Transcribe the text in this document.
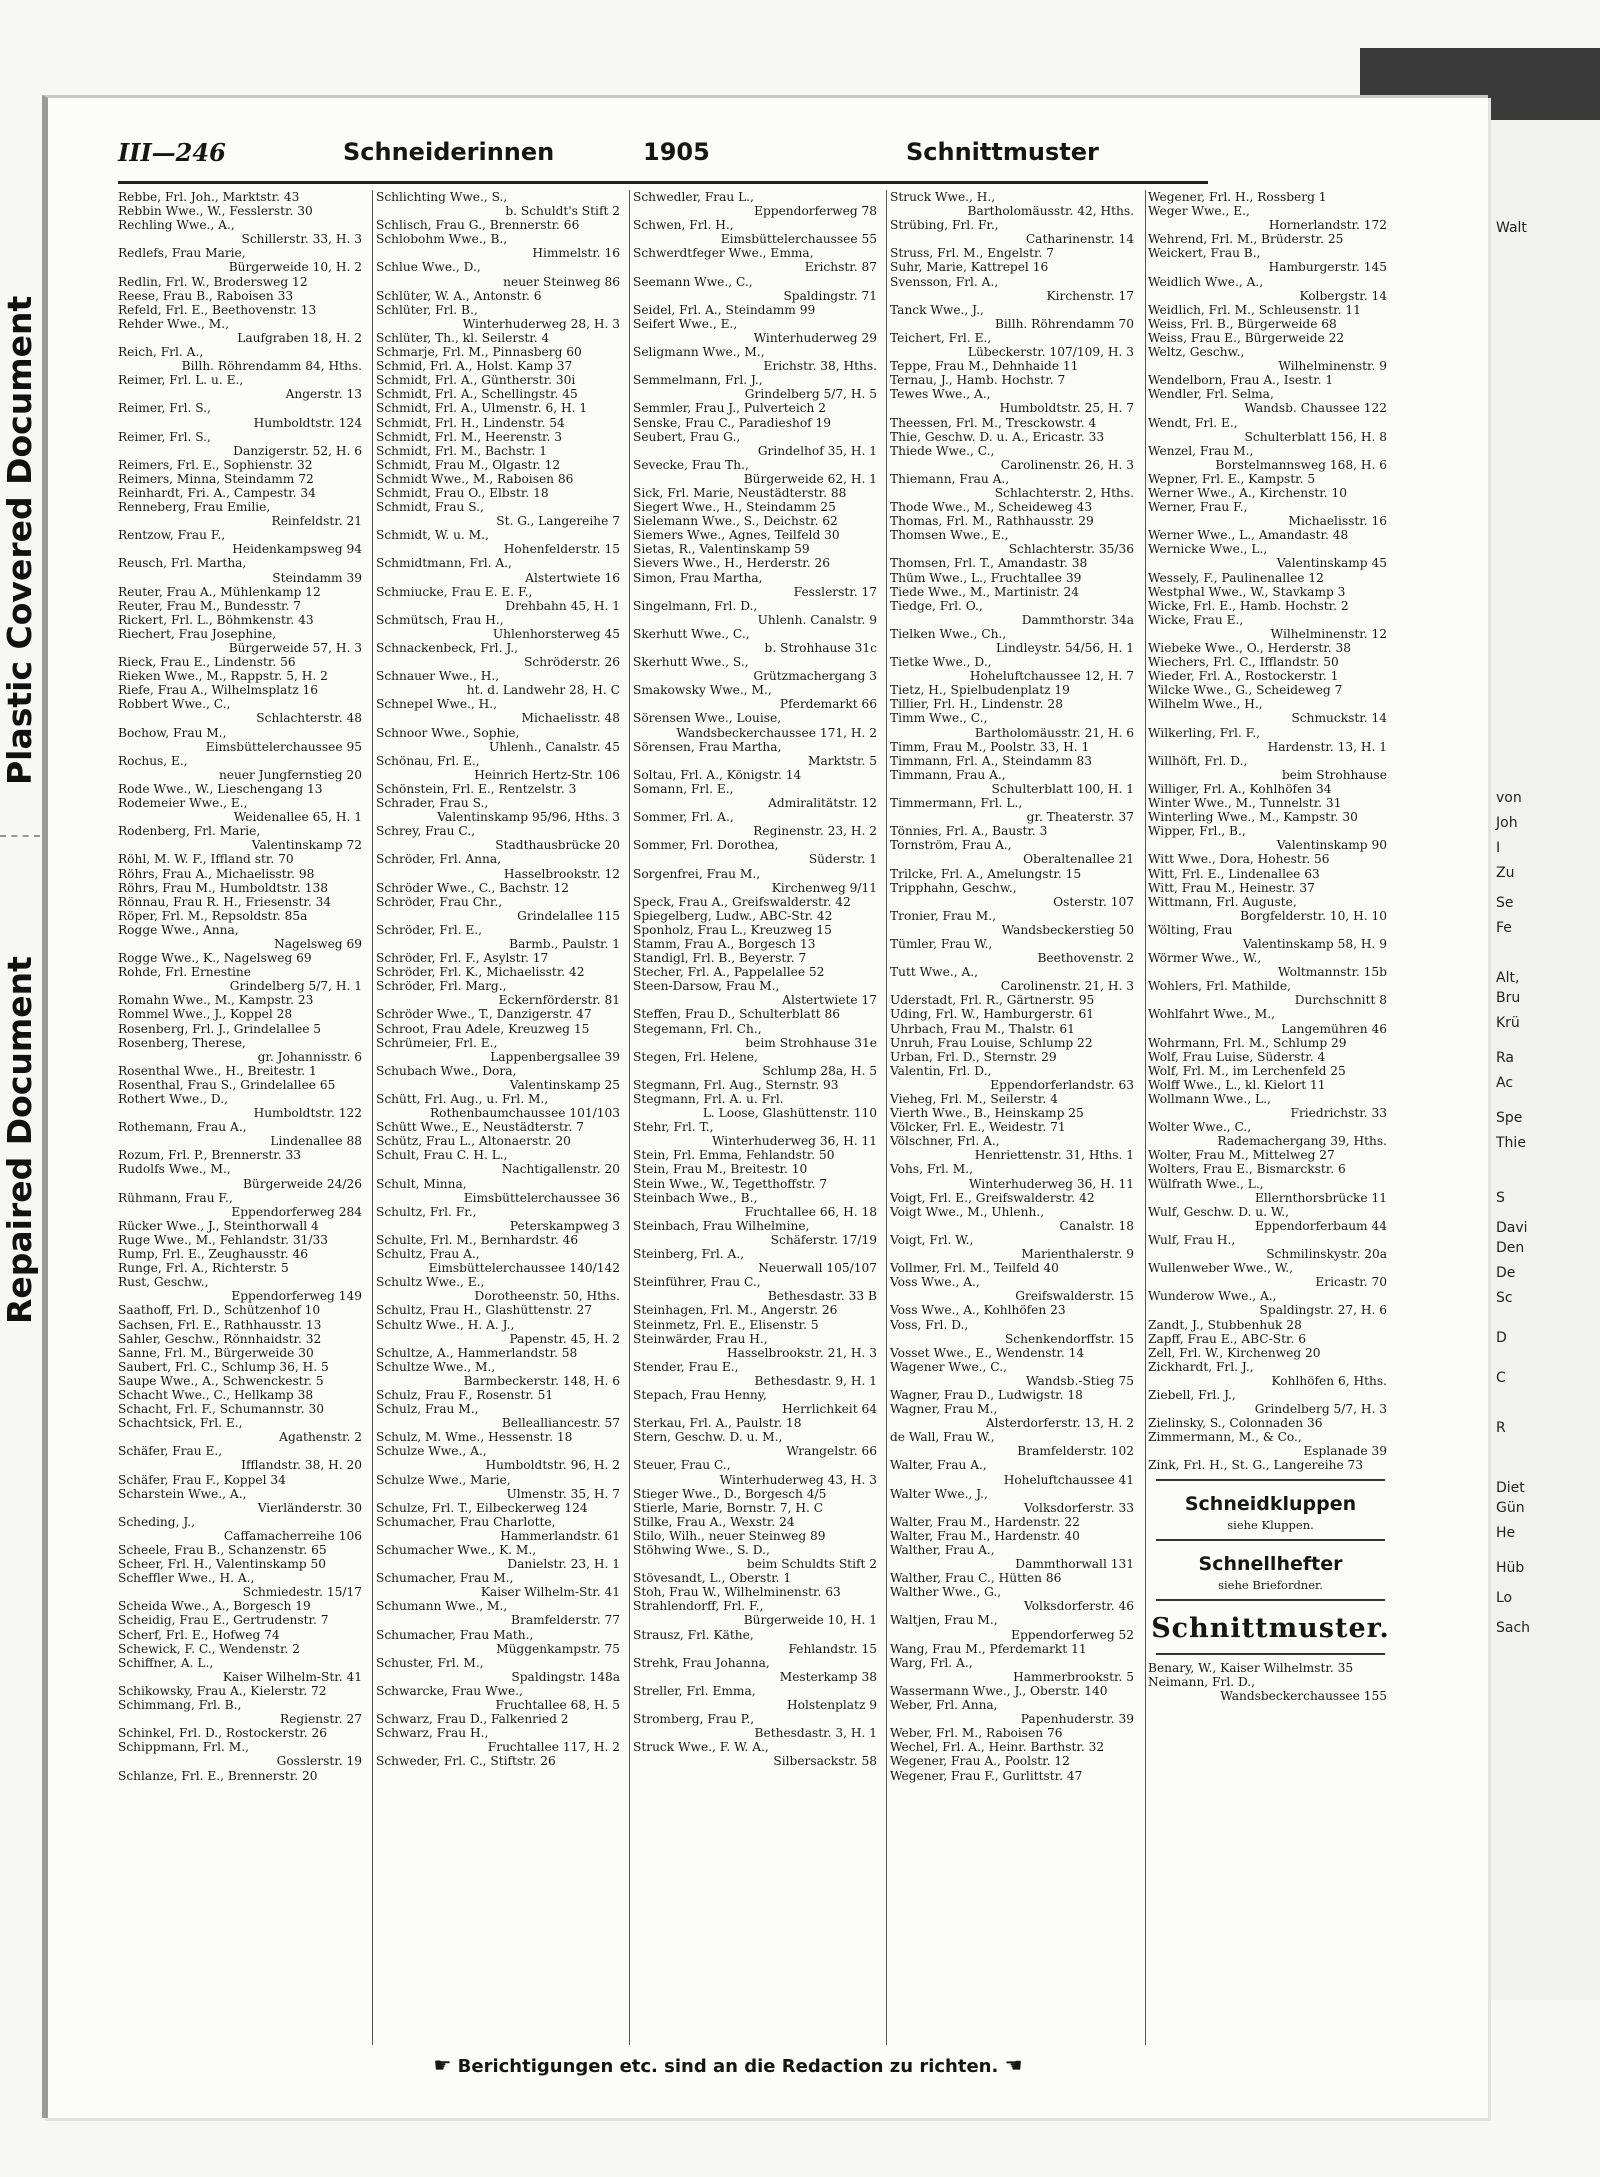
Plastic Covered Document
Repaired Document
Walt
von
Joh
I
Zu
Se
Fe
Alt,
Bru
Krü
Ra
Ac
Spe
Thie
S
Davi
Den
De
Sc
D
C
R
Diet
Gün
He
Hüb
Lo
Sach
III—246	Schneiderinnen	1905	Schnittmuster
Rebbe, Frl. Joh., Marktstr. 43
Rebbin Wwe., W., Fesslerstr. 30
Rechling Wwe., A.,
Schillerstr. 33, H. 3
Redlefs, Frau Marie,
Bürgerweide 10, H. 2
Redlin, Frl. W., Brodersweg 12
Reese, Frau B., Raboisen 33
Refeld, Frl. E., Beethovenstr. 13
Rehder Wwe., M.,
Laufgraben 18, H. 2
Reich, Frl. A.,
Billh. Röhrendamm 84, Hths.
Reimer, Frl. L. u. E.,
Angerstr. 13
Reimer, Frl. S.,
Humboldtstr. 124
Reimer, Frl. S.,
Danzigerstr. 52, H. 6
Reimers, Frl. E., Sophienstr. 32
Reimers, Minna, Steindamm 72
Reinhardt, Fri. A., Campestr. 34
Renneberg, Frau Emilie,
Reinfeldstr. 21
Rentzow, Frau F.,
Heidenkampsweg 94
Reusch, Frl. Martha,
Steindamm 39
Reuter, Frau A., Mühlenkamp 12
Reuter, Frau M., Bundesstr. 7
Rickert, Frl. L., Böhmkenstr. 43
Riechert, Frau Josephine,
Bürgerweide 57, H. 3
Rieck, Frau E., Lindenstr. 56
Rieken Wwe., M., Rappstr. 5, H. 2
Riefe, Frau A., Wilhelmsplatz 16
Robbert Wwe., C.,
Schlachterstr. 48
Bochow, Frau M.,
Eimsbüttelerchaussee 95
Rochus, E.,
neuer Jungfernstieg 20
Rode Wwe., W., Lieschengang 13
Rodemeier Wwe., E.,
Weidenallee 65, H. 1
Rodenberg, Frl. Marie,
Valentinskamp 72
Röhl, M. W. F., Iffland str. 70
Röhrs, Frau A., Michaelisstr. 98
Röhrs, Frau M., Humboldtstr. 138
Rönnau, Frau R. H., Friesenstr. 34
Röper, Frl. M., Repsoldstr. 85a
Rogge Wwe., Anna,
Nagelsweg 69
Rogge Wwe., K., Nagelsweg 69
Rohde, Frl. Ernestine
Grindelberg 5/7, H. 1
Romahn Wwe., M., Kampstr. 23
Rommel Wwe., J., Koppel 28
Rosenberg, Frl. J., Grindelallee 5
Rosenberg, Therese,
gr. Johannisstr. 6
Rosenthal Wwe., H., Breitestr. 1
Rosenthal, Frau S., Grindelallee 65
Rothert Wwe., D.,
Humboldtstr. 122
Rothemann, Frau A.,
Lindenallee 88
Rozum, Frl. P., Brennerstr. 33
Rudolfs Wwe., M.,
Bürgerweide 24/26
Rühmann, Frau F.,
Eppendorferweg 284
Rücker Wwe., J., Steinthorwall 4
Ruge Wwe., M., Fehlandstr. 31/33
Rump, Frl. E., Zeughausstr. 46
Runge, Frl. A., Richterstr. 5
Rust, Geschw.,
Eppendorferweg 149
Saathoff, Frl. D., Schützenhof 10
Sachsen, Frl. E., Rathhausstr. 13
Sahler, Geschw., Rönnhaidstr. 32
Sanne, Frl. M., Bürgerweide 30
Saubert, Frl. C., Schlump 36, H. 5
Saupe Wwe., A., Schwenckestr. 5
Schacht Wwe., C., Hellkamp 38
Schacht, Frl. F., Schumannstr. 30
Schachtsick, Frl. E.,
Agathenstr. 2
Schäfer, Frau E.,
Ifflandstr. 38, H. 20
Schäfer, Frau F., Koppel 34
Scharstein Wwe., A.,
Vierländerstr. 30
Scheding, J.,
Caffamacherreihe 106
Scheele, Frau B., Schanzenstr. 65
Scheer, Frl. H., Valentinskamp 50
Scheffler Wwe., H. A.,
Schmiedestr. 15/17
Scheida Wwe., A., Borgesch 19
Scheidig, Frau E., Gertrudenstr. 7
Scherf, Frl. E., Hofweg 74
Schewick, F. C., Wendenstr. 2
Schiffner, A. L.,
Kaiser Wilhelm-Str. 41
Schikowsky, Frau A., Kielerstr. 72
Schimmang, Frl. B.,
Regienstr. 27
Schinkel, Frl. D., Rostockerstr. 26
Schippmann, Frl. M.,
Gosslerstr. 19
Schlanze, Frl. E., Brennerstr. 20
Schlichting Wwe., S.,
b. Schuldt's Stift 2
Schlisch, Frau G., Brennerstr. 66
Schlobohm Wwe., B.,
Himmelstr. 16
Schlue Wwe., D.,
neuer Steinweg 86
Schlüter, W. A., Antonstr. 6
Schlüter, Frl. B.,
Winterhuderweg 28, H. 3
Schlüter, Th., kl. Seilerstr. 4
Schmarje, Frl. M., Pinnasberg 60
Schmid, Frl. A., Holst. Kamp 37
Schmidt, Frl. A., Güntherstr. 30i
Schmidt, Frl. A., Schellingstr. 45
Schmidt, Frl. A., Ulmenstr. 6, H. 1
Schmidt, Frl. H., Lindenstr. 54
Schmidt, Frl. M., Heerenstr. 3
Schmidt, Frl. M., Bachstr. 1
Schmidt, Frau M., Olgastr. 12
Schmidt Wwe., M., Raboisen 86
Schmidt, Frau O., Elbstr. 18
Schmidt, Frau S.,
St. G., Langereihe 7
Schmidt, W. u. M.,
Hohenfelderstr. 15
Schmidtmann, Frl. A.,
Alstertwiete 16
Schmiucke, Frau E. E. F.,
Drehbahn 45, H. 1
Schmütsch, Frau H.,
Uhlenhorsterweg 45
Schnackenbeck, Frl. J.,
Schröderstr. 26
Schnauer Wwe., H.,
ht. d. Landwehr 28, H. C
Schnepel Wwe., H.,
Michaelisstr. 48
Schnoor Wwe., Sophie,
Uhlenh., Canalstr. 45
Schönau, Frl. E.,
Heinrich Hertz-Str. 106
Schönstein, Frl. E., Rentzelstr. 3
Schrader, Frau S.,
Valentinskamp 95/96, Hths. 3
Schrey, Frau C.,
Stadthausbrücke 20
Schröder, Frl. Anna,
Hasselbrookstr. 12
Schröder Wwe., C., Bachstr. 12
Schröder, Frau Chr.,
Grindelallee 115
Schröder, Frl. E.,
Barmb., Paulstr. 1
Schröder, Frl. F., Asylstr. 17
Schröder, Frl. K., Michaelisstr. 42
Schröder, Frl. Marg.,
Eckernförderstr. 81
Schröder Wwe., T., Danzigerstr. 47
Schroot, Frau Adele, Kreuzweg 15
Schrümeier, Frl. E.,
Lappenbergsallee 39
Schubach Wwe., Dora,
Valentinskamp 25
Schütt, Frl. Aug., u. Frl. M.,
Rothenbaumchaussee 101/103
Schütt Wwe., E., Neustädterstr. 7
Schütz, Frau L., Altonaerstr. 20
Schult, Frau C. H. L.,
Nachtigallenstr. 20
Schult, Minna,
Eimsbüttelerchaussee 36
Schultz, Frl. Fr.,
Peterskampweg 3
Schulte, Frl. M., Bernhardstr. 46
Schultz, Frau A.,
Eimsbüttelerchaussee 140/142
Schultz Wwe., E.,
Dorotheenstr. 50, Hths.
Schultz, Frau H., Glashüttenstr. 27
Schultz Wwe., H. A. J.,
Papenstr. 45, H. 2
Schultze, A., Hammerlandstr. 58
Schultze Wwe., M.,
Barmbeckerstr. 148, H. 6
Schulz, Frau F., Rosenstr. 51
Schulz, Frau M.,
Bellealliancestr. 57
Schulz, M. Wme., Hessenstr. 18
Schulze Wwe., A.,
Humboldtstr. 96, H. 2
Schulze Wwe., Marie,
Ulmenstr. 35, H. 7
Schulze, Frl. T., Eilbeckerweg 124
Schumacher, Frau Charlotte,
Hammerlandstr. 61
Schumacher Wwe., K. M.,
Danielstr. 23, H. 1
Schumacher, Frau M.,
Kaiser Wilhelm-Str. 41
Schumann Wwe., M.,
Bramfelderstr. 77
Schumacher, Frau Math.,
Müggenkampstr. 75
Schuster, Frl. M.,
Spaldingstr. 148a
Schwarcke, Frau Wwe.,
Fruchtallee 68, H. 5
Schwarz, Frau D., Falkenried 2
Schwarz, Frau H.,
Fruchtallee 117, H. 2
Schweder, Frl. C., Stiftstr. 26
Schwedler, Frau L.,
Eppendorferweg 78
Schwen, Frl. H.,
Eimsbüttelerchaussee 55
Schwerdtfeger Wwe., Emma,
Erichstr. 87
Seemann Wwe., C.,
Spaldingstr. 71
Seidel, Frl. A., Steindamm 99
Seifert Wwe., E.,
Winterhuderweg 29
Seligmann Wwe., M.,
Erichstr. 38, Hths.
Semmelmann, Frl. J.,
Grindelberg 5/7, H. 5
Semmler, Frau J., Pulverteich 2
Senske, Frau C., Paradieshof 19
Seubert, Frau G.,
Grindelhof 35, H. 1
Sevecke, Frau Th.,
Bürgerweide 62, H. 1
Sick, Frl. Marie, Neustädterstr. 88
Siegert Wwe., H., Steindamm 25
Sielemann Wwe., S., Deichstr. 62
Siemers Wwe., Agnes, Teilfeld 30
Sietas, R., Valentinskamp 59
Sievers Wwe., H., Herderstr. 26
Simon, Frau Martha,
Fesslerstr. 17
Singelmann, Frl. D.,
Uhlenh. Canalstr. 9
Skerhutt Wwe., C.,
b. Strohhause 31c
Skerhutt Wwe., S.,
Grützmachergang 3
Smakowsky Wwe., M.,
Pferdemarkt 66
Sörensen Wwe., Louise,
Wandsbeckerchaussee 171, H. 2
Sörensen, Frau Martha,
Marktstr. 5
Soltau, Frl. A., Königstr. 14
Somann, Frl. E.,
Admiralitätstr. 12
Sommer, Frl. A.,
Reginenstr. 23, H. 2
Sommer, Frl. Dorothea,
Süderstr. 1
Sorgenfrei, Frau M.,
Kirchenweg 9/11
Speck, Frau A., Greifswalderstr. 42
Spiegelberg, Ludw., ABC-Str. 42
Sponholz, Frau L., Kreuzweg 15
Stamm, Frau A., Borgesch 13
Standigl, Frl. B., Beyerstr. 7
Stecher, Frl. A., Pappelallee 52
Steen-Darsow, Frau M.,
Alstertwiete 17
Steffen, Frau D., Schulterblatt 86
Stegemann, Frl. Ch.,
beim Strohhause 31e
Stegen, Frl. Helene,
Schlump 28a, H. 5
Stegmann, Frl. Aug., Sternstr. 93
Stegmann, Frl. A. u. Frl.
L. Loose, Glashüttenstr. 110
Stehr, Frl. T.,
Winterhuderweg 36, H. 11
Stein, Frl. Emma, Fehlandstr. 50
Stein, Frau M., Breitestr. 10
Stein Wwe., W., Tegetthoffstr. 7
Steinbach Wwe., B.,
Fruchtallee 66, H. 18
Steinbach, Frau Wilhelmine,
Schäferstr. 17/19
Steinberg, Frl. A.,
Neuerwall 105/107
Steinführer, Frau C.,
Bethesdastr. 33 B
Steinhagen, Frl. M., Angerstr. 26
Steinmetz, Frl. E., Elisenstr. 5
Steinwärder, Frau H.,
Hasselbrookstr. 21, H. 3
Stender, Frau E.,
Bethesdastr. 9, H. 1
Stepach, Frau Henny,
Herrlichkeit 64
Sterkau, Frl. A., Paulstr. 18
Stern, Geschw. D. u. M.,
Wrangelstr. 66
Steuer, Frau C.,
Winterhuderweg 43, H. 3
Stieger Wwe., D., Borgesch 4/5
Stierle, Marie, Bornstr. 7, H. C
Stilke, Frau A., Wexstr. 24
Stilo, Wilh., neuer Steinweg 89
Stöhwing Wwe., S. D.,
beim Schuldts Stift 2
Stövesandt, L., Oberstr. 1
Stoh, Frau W., Wilhelminenstr. 63
Strahlendorff, Frl. F.,
Bürgerweide 10, H. 1
Strausz, Frl. Käthe,
Fehlandstr. 15
Strehk, Frau Johanna,
Mesterkamp 38
Streller, Frl. Emma,
Holstenplatz 9
Stromberg, Frau P.,
Bethesdastr. 3, H. 1
Struck Wwe., F. W. A.,
Silbersackstr. 58
Struck Wwe., H.,
Bartholomäusstr. 42, Hths.
Strübing, Frl. Fr.,
Catharinenstr. 14
Struss, Frl. M., Engelstr. 7
Suhr, Marie, Kattrepel 16
Svensson, Frl. A.,
Kirchenstr. 17
Tanck Wwe., J.,
Billh. Röhrendamm 70
Teichert, Frl. E.,
Lübeckerstr. 107/109, H. 3
Teppe, Frau M., Dehnhaide 11
Ternau, J., Hamb. Hochstr. 7
Tewes Wwe., A.,
Humboldtstr. 25, H. 7
Theessen, Frl. M., Tresckowstr. 4
Thie, Geschw. D. u. A., Ericastr. 33
Thiede Wwe., C.,
Carolinenstr. 26, H. 3
Thiemann, Frau A.,
Schlachterstr. 2, Hths.
Thode Wwe., M., Scheideweg 43
Thomas, Frl. M., Rathhausstr. 29
Thomsen Wwe., E.,
Schlachterstr. 35/36
Thomsen, Frl. T., Amandastr. 38
Thüm Wwe., L., Fruchtallee 39
Tiede Wwe., M., Martinistr. 24
Tiedge, Frl. O.,
Dammthorstr. 34a
Tielken Wwe., Ch.,
Lindleystr. 54/56, H. 1
Tietke Wwe., D.,
Hoheluftchaussee 12, H. 7
Tietz, H., Spielbudenplatz 19
Tillier, Frl. H., Lindenstr. 28
Timm Wwe., C.,
Bartholomäusstr. 21, H. 6
Timm, Frau M., Poolstr. 33, H. 1
Timmann, Frl. A., Steindamm 83
Timmann, Frau A.,
Schulterblatt 100, H. 1
Timmermann, Frl. L.,
gr. Theaterstr. 37
Tönnies, Frl. A., Baustr. 3
Tornström, Frau A.,
Oberaltenallee 21
Trilcke, Frl. A., Amelungstr. 15
Tripphahn, Geschw.,
Osterstr. 107
Tronier, Frau M.,
Wandsbeckerstieg 50
Tümler, Frau W.,
Beethovenstr. 2
Tutt Wwe., A.,
Carolinenstr. 21, H. 3
Uderstadt, Frl. R., Gärtnerstr. 95
Uding, Frl. W., Hamburgerstr. 61
Uhrbach, Frau M., Thalstr. 61
Unruh, Frau Louise, Schlump 22
Urban, Frl. D., Sternstr. 29
Valentin, Frl. D.,
Eppendorferlandstr. 63
Vieheg, Frl. M., Seilerstr. 4
Vierth Wwe., B., Heinskamp 25
Völcker, Frl. E., Weidestr. 71
Völschner, Frl. A.,
Henriettenstr. 31, Hths. 1
Vohs, Frl. M.,
Winterhuderweg 36, H. 11
Voigt, Frl. E., Greifswalderstr. 42
Voigt Wwe., M., Uhlenh.,
Canalstr. 18
Voigt, Frl. W.,
Marienthalerstr. 9
Vollmer, Frl. M., Teilfeld 40
Voss Wwe., A.,
Greifswalderstr. 15
Voss Wwe., A., Kohlhöfen 23
Voss, Frl. D.,
Schenkendorffstr. 15
Vosset Wwe., E., Wendenstr. 14
Wagener Wwe., C.,
Wandsb.-Stieg 75
Wagner, Frau D., Ludwigstr. 18
Wagner, Frau M.,
Alsterdorferstr. 13, H. 2
de Wall, Frau W.,
Bramfelderstr. 102
Walter, Frau A.,
Hoheluftchaussee 41
Walter Wwe., J.,
Volksdorferstr. 33
Walter, Frau M., Hardenstr. 22
Walter, Frau M., Hardenstr. 40
Walther, Frau A.,
Dammthorwall 131
Walther, Frau C., Hütten 86
Walther Wwe., G.,
Volksdorferstr. 46
Waltjen, Frau M.,
Eppendorferweg 52
Wang, Frau M., Pferdemarkt 11
Warg, Frl. A.,
Hammerbrookstr. 5
Wassermann Wwe., J., Oberstr. 140
Weber, Frl. Anna,
Papenhuderstr. 39
Weber, Frl. M., Raboisen 76
Wechel, Frl. A., Heinr. Barthstr. 32
Wegener, Frau A., Poolstr. 12
Wegener, Frau F., Gurlittstr. 47
Wegener, Frl. H., Rossberg 1
Weger Wwe., E.,
Hornerlandstr. 172
Wehrend, Frl. M., Brüderstr. 25
Weickert, Frau B.,
Hamburgerstr. 145
Weidlich Wwe., A.,
Kolbergstr. 14
Weidlich, Frl. M., Schleusenstr. 11
Weiss, Frl. B., Bürgerweide 68
Weiss, Frau E., Bürgerweide 22
Weltz, Geschw.,
Wilhelminenstr. 9
Wendelborn, Frau A., Isestr. 1
Wendler, Frl. Selma,
Wandsb. Chaussee 122
Wendt, Frl. E.,
Schulterblatt 156, H. 8
Wenzel, Frau M.,
Borstelmannsweg 168, H. 6
Wepner, Frl. E., Kampstr. 5
Werner Wwe., A., Kirchenstr. 10
Werner, Frau F.,
Michaelisstr. 16
Werner Wwe., L., Amandastr. 48
Wernicke Wwe., L.,
Valentinskamp 45
Wessely, F., Paulinenallee 12
Westphal Wwe., W., Stavkamp 3
Wicke, Frl. E., Hamb. Hochstr. 2
Wicke, Frau E.,
Wilhelminenstr. 12
Wiebeke Wwe., O., Herderstr. 38
Wiechers, Frl. C., Ifflandstr. 50
Wieder, Frl. A., Rostockerstr. 1
Wilcke Wwe., G., Scheideweg 7
Wilhelm Wwe., H.,
Schmuckstr. 14
Wilkerling, Frl. F.,
Hardenstr. 13, H. 1
Willhöft, Frl. D.,
beim Strohhause
Williger, Frl. A., Kohlhöfen 34
Winter Wwe., M., Tunnelstr. 31
Winterling Wwe., M., Kampstr. 30
Wipper, Frl., B.,
Valentinskamp 90
Witt Wwe., Dora, Hohestr. 56
Witt, Frl. E., Lindenallee 63
Witt, Frau M., Heinestr. 37
Wittmann, Frl. Auguste,
Borgfelderstr. 10, H. 10
Wölting, Frau
Valentinskamp 58, H. 9
Wörmer Wwe., W.,
Woltmannstr. 15b
Wohlers, Frl. Mathilde,
Durchschnitt 8
Wohlfahrt Wwe., M.,
Langemühren 46
Wohrmann, Frl. M., Schlump 29
Wolf, Frau Luise, Süderstr. 4
Wolf, Frl. M., im Lerchenfeld 25
Wolff Wwe., L., kl. Kielort 11
Wollmann Wwe., L.,
Friedrichstr. 33
Wolter Wwe., C.,
Rademachergang 39, Hths.
Wolter, Frau M., Mittelweg 27
Wolters, Frau E., Bismarckstr. 6
Wülfrath Wwe., L.,
Ellernthorsbrücke 11
Wulf, Geschw. D. u. W.,
Eppendorferbaum 44
Wulf, Frau H.,
Schmilinskystr. 20a
Wullenweber Wwe., W.,
Ericastr. 70
Wunderow Wwe., A.,
Spaldingstr. 27, H. 6
Zandt, J., Stubbenhuk 28
Zapff, Frau E., ABC-Str. 6
Zell, Frl. W., Kirchenweg 20
Zickhardt, Frl. J.,
Kohlhöfen 6, Hths.
Ziebell, Frl. J.,
Grindelberg 5/7, H. 3
Zielinsky, S., Colonnaden 36
Zimmermann, M., & Co.,
Esplanade 39
Zink, Frl. H., St. G., Langereihe 73
Schneidkluppen
siehe Kluppen.
Schnellhefter
siehe Briefordner.
Schnittmuster.
Benary, W., Kaiser Wilhelmstr. 35
Neimann, Frl. D.,
Wandsbeckerchaussee 155
☛ Berichtigungen etc. sind an die Redaction zu richten. ☚
